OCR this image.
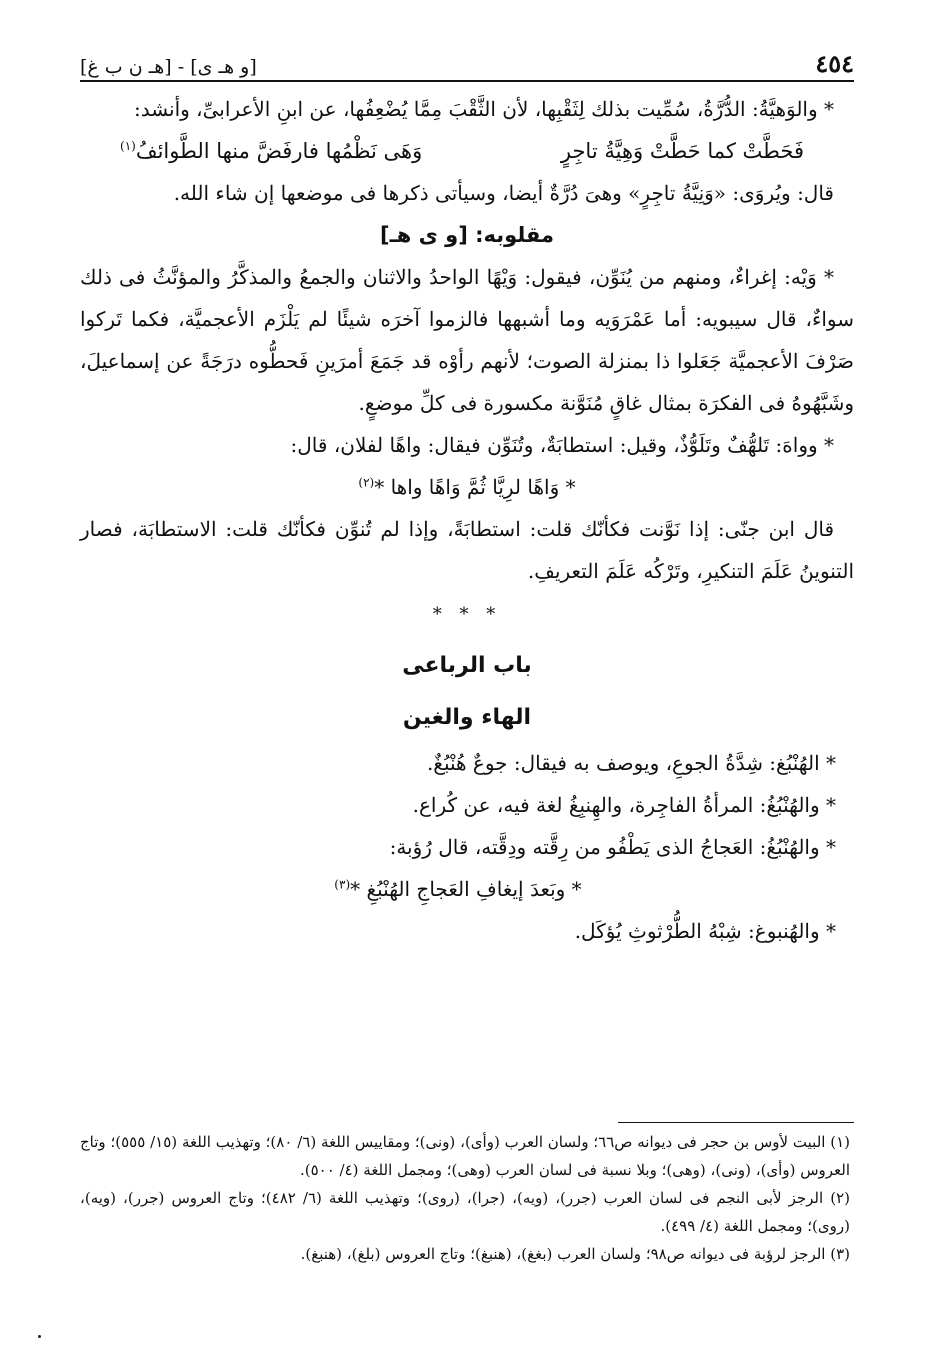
٤٥٤
[و هـ ی] - [هـ ن ب غ]

* والوَهيَّةُ: الدُّرَّةُ، سُمِّيت بذلك لِثَقْبِها، لأن الثَّقْبَ مِمَّا يُضْعِفُها، عن ابنِ الأعرابىِّ، وأنشد:

فَحَطَّتْ كما حَطَّتْ وَهِيَّةُ تاجِرٍ
وَهَى نَظْمُها فارفَضَّ منها الطَّوائفُ$^{(١)}$

قال: ويُروَى: «وَنِيَّةُ تاجِرٍ» وهىَ دُرَّةٌ أيضا، وسيأتى ذكرها فى موضعها إن شاء الله.

مقلوبه: [و ى هـ]

* وَيْه: إغراءٌ، ومنهم من يُنَوِّن، فيقول: وَيْهًا الواحدُ والاثنان والجمعُ والمذكَّرُ والمؤنَّثُ فى ذلك سواءٌ، قال سيبويه: أما عَمْرَوَيه وما أشبهها فالزموا آخرَه شيئًا لم يَلْزَم الأعجميَّة، فكما تَركوا صَرْفَ الأعجميَّة جَعَلوا ذا بمنزلة الصوت؛ لأنهم رأوْه قد جَمَعَ أمرَينِ فَحطُّوه درَجَةً عن إسماعيلَ، وشَبَّهُوهُ فى الفكرَة بمثال غاقٍ مُنَوَّنة مكسورة فى كلِّ موضعٍ.

* وواهَ: تَلهُّفٌ وتَلَوُّذٌ، وقيل: استطابَةٌ، وتُنَوِّن فيقال: واهًا لفلان، قال:

* وَاهًا لرِيَّا ثُمَّ وَاهًا واها *$^{(٢)}$

قال ابن جنّى: إذا نَوَّنت فكأنّك قلت: استطابَةً، وإذا لم تُنوِّن فكأنّك قلت: الاستطابَة، فصار التنوينُ عَلَمَ التنكيرِ، وتَرْكُه عَلَمَ التعريفِ.

* * *

باب الرباعى

الهاء والغين

* الهُنْبُغ: شِدَّةُ الجوعِ، ويوصف به فيقال: جوعٌ هُنْبُغٌ.

* والهُنْبُغُ: المرأةُ الفاجِرة، والهِنبِغُ لغة فيه، عن كُراع.

* والهُنْبُغُ: العَجاجُ الذى يَطْفُو من رِقَّته ودِقَّته، قال رُؤبة:

* وبَعدَ إيغافِ العَجاجِ الهُنْبُغِ *$^{(٣)}$

* والهُنبوغ: شِبْهُ الطُّرْثوثِ يُؤكَل.

(١) البيت لأوس بن حجر فى ديوانه ص٦٦؛ ولسان العرب (وأى)، (ونى)؛ ومقاييس اللغة (٦/ ٨٠)؛ وتهذيب اللغة (١٥/ ٥٥٥)؛ وتاج العروس (وأى)، (ونى)، (وهى)؛ وبلا نسبة فى لسان العرب (وهى)؛ ومجمل اللغة (٤/ ٥٠٠).

(٢) الرجز لأبى النجم فى لسان العرب (جرر)، (ويه)، (جرا)، (روى)؛ وتهذيب اللغة (٦/ ٤٨٢)؛ وتاج العروس (جرر)، (ويه)، (روى)؛ ومجمل اللغة (٤/ ٤٩٩).

(٣) الرجز لرؤبة فى ديوانه ص٩٨؛ ولسان العرب (بغغ)، (هنبغ)؛ وتاج العروس (بلغ)، (هنبغ).
